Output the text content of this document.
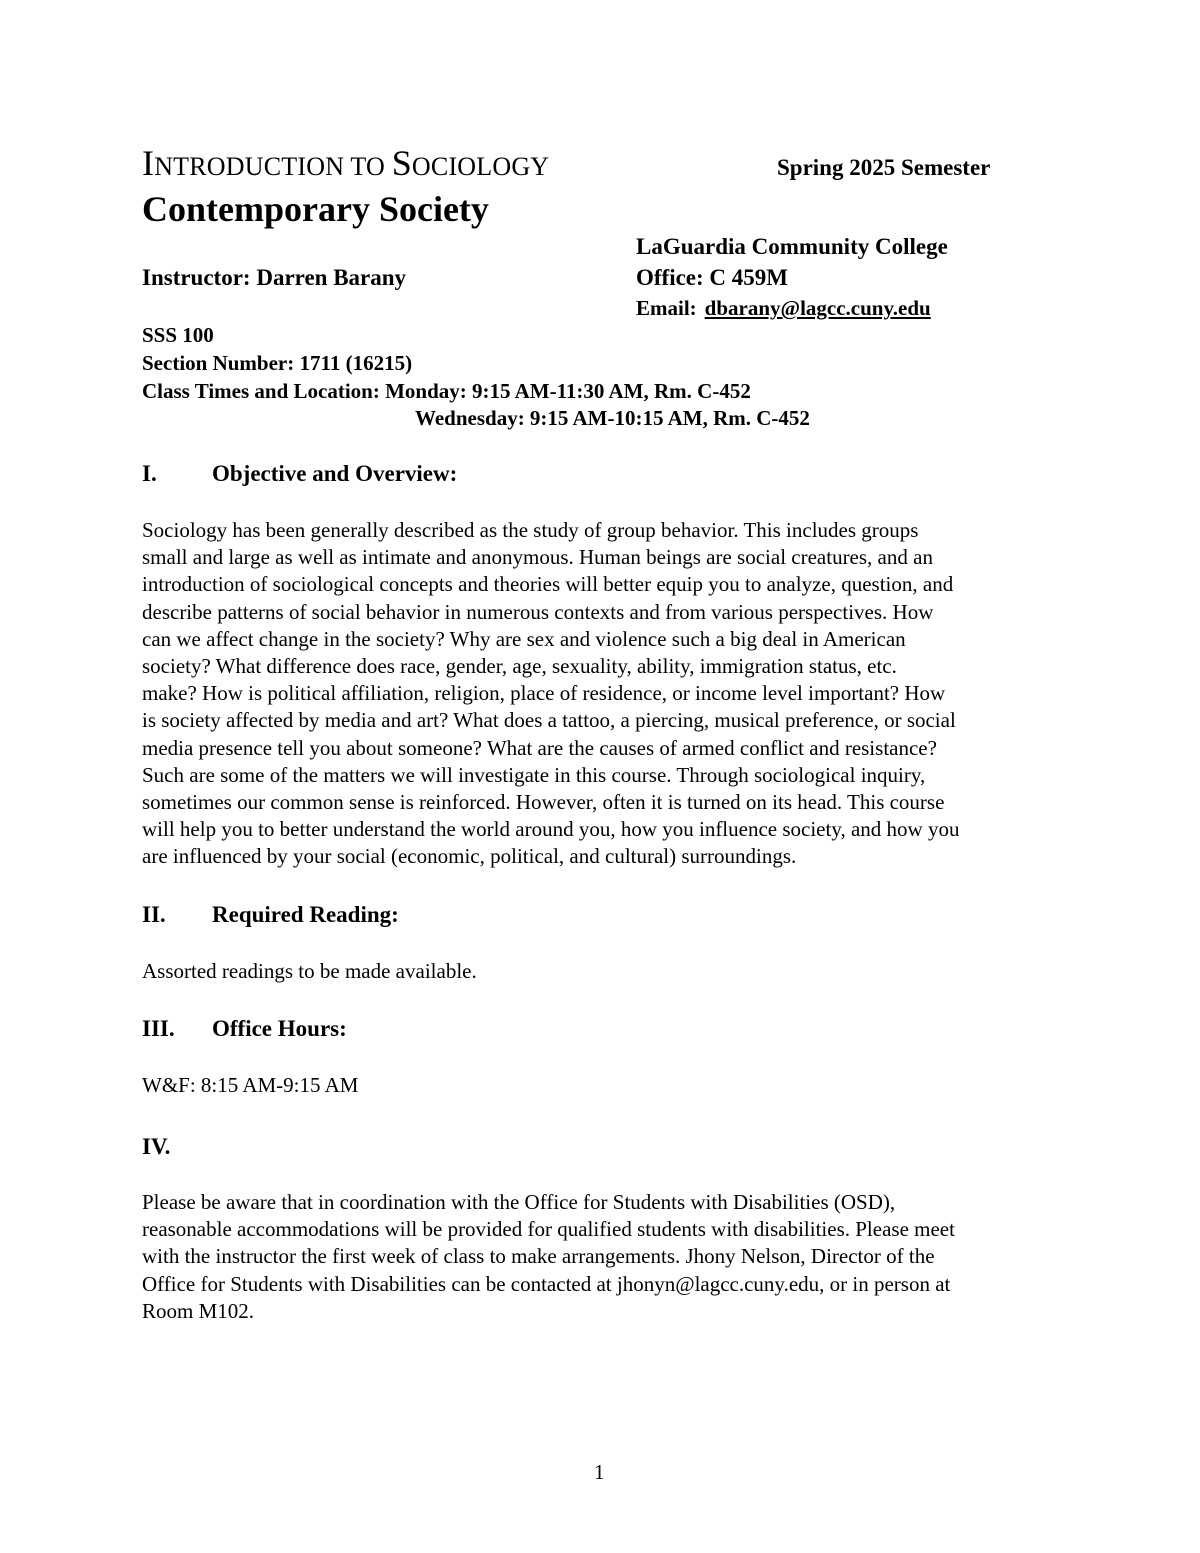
INTRODUCTION TO SOCIOLOGY	Spring 2025 Semester
Contemporary Society
LaGuardia Community College
Instructor: Darren Barany	Office: C 459M
Email: dbarany@lagcc.cuny.edu
SSS 100
Section Number: 1711 (16215)
Class Times and Location: Monday: 9:15 AM-11:30 AM, Rm. C-452
Wednesday: 9:15 AM-10:15 AM, Rm. C-452
I. Objective and Overview:
Sociology has been generally described as the study of group behavior. This includes groups
small and large as well as intimate and anonymous. Human beings are social creatures, and an
introduction of sociological concepts and theories will better equip you to analyze, question, and
describe patterns of social behavior in numerous contexts and from various perspectives. How
can we affect change in the society? Why are sex and violence such a big deal in American
society? What difference does race, gender, age, sexuality, ability, immigration status, etc.
make? How is political affiliation, religion, place of residence, or income level important? How
is society affected by media and art? What does a tattoo, a piercing, musical preference, or social
media presence tell you about someone? What are the causes of armed conflict and resistance?
Such are some of the matters we will investigate in this course. Through sociological inquiry,
sometimes our common sense is reinforced. However, often it is turned on its head. This course
will help you to better understand the world around you, how you influence society, and how you
are influenced by your social (economic, political, and cultural) surroundings.
II. Required Reading:
Assorted readings to be made available.
III. Office Hours:
W&F: 8:15 AM-9:15 AM
IV.
Please be aware that in coordination with the Office for Students with Disabilities (OSD),
reasonable accommodations will be provided for qualified students with disabilities. Please meet
with the instructor the first week of class to make arrangements. Jhony Nelson, Director of the
Office for Students with Disabilities can be contacted at jhonyn@lagcc.cuny.edu, or in person at
Room M102.
1
